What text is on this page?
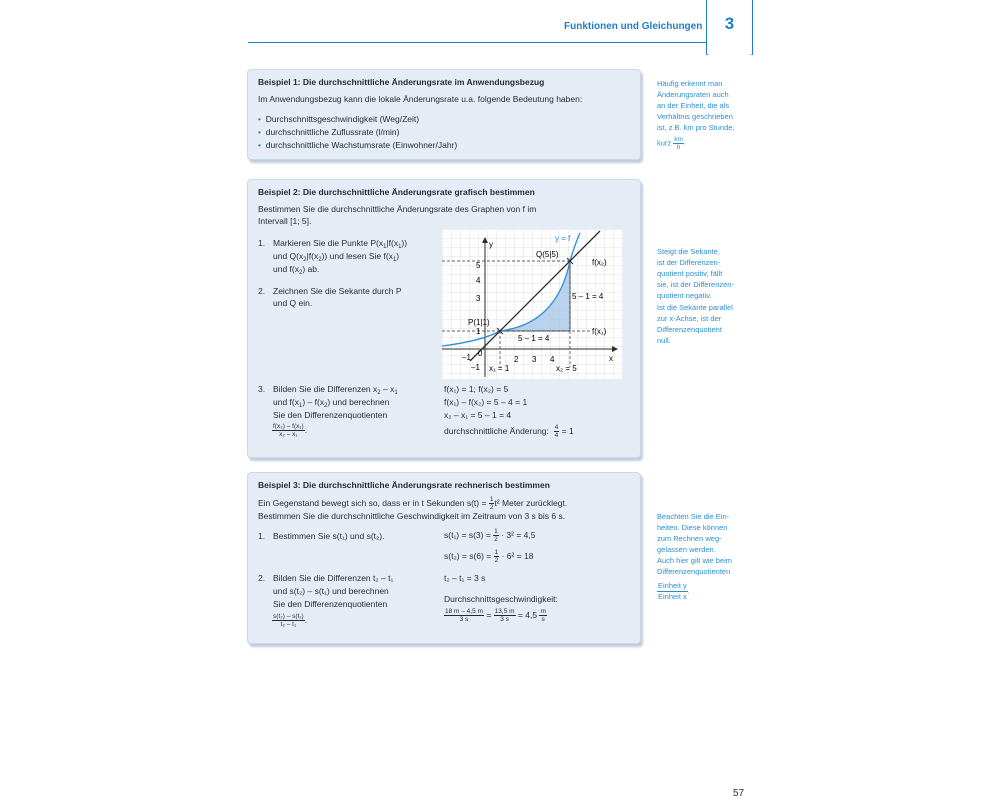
Funktionen und Gleichungen	3
Beispiel 1: Die durchschnittliche Änderungsrate im Anwendungsbezug
Im Anwendungsbezug kann die lokale Änderungsrate u.a. folgende Bedeutung haben:
• Durchschnittsgeschwindigkeit (Weg/Zeit)
• durchschnittliche Zuflussrate (l/min)
• durchschnittliche Wachstumsrate (Einwohner/Jahr)
Häufig erkennt man
Änderungsraten auch
an der Einheit, die als
Verhältnis geschrieben
ist, z.B. km pro Stunde,
kurz $\frac{km}{h}$ .
Beispiel 2: Die durchschnittliche Änderungsrate grafisch bestimmen
Bestimmen Sie die durchschnittliche Änderungsrate des Graphen von f im
Intervall [1; 5].
1. Markieren Sie die Punkte $P(x_1|f(x_1))$
und $Q(x_2|f(x_2))$ und lesen Sie $f(x_1)$
und $f(x_2)$ ab.
2. Zeichnen Sie die Sekante durch P
und Q ein.
y
x
y = f
Q(5|5)
f(x₂)
5 – 1 = 4
P(1|1)
f(x₁)
5 – 1 = 4
5
4
3
1
0
–1
–1
2 3 4
x₁ = 1	x₂ = 5
3. Bilden Sie die Differenzen $x_2 - x_1$
und $f(x_1) - f(x_2)$ und berechnen
Sie den Differenzenquotienten
$\frac{\text{f(x₂) – f(x₁)}}{\text{x₂ – x₁}}$ .
f(x₁) = 1; f(x₂) = 5
f(x₁) – f(x₂) = 5 – 4 = 1
x₂ – x₁ = 5 – 1 = 4
durchschnittliche Änderung: $\frac{4}{4} = 1$
Steigt die Sekante,
ist der Differenzen-
quotient positiv, fällt
sie, ist der Differenzen-
quotient negativ.
Ist die Sekante parallel
zur x-Achse, ist der
Differenzenquotient
null.
Beispiel 3: Die durchschnittliche Änderungsrate rechnerisch bestimmen
Ein Gegenstand bewegt sich so, dass er in t Sekunden $s(t) = \frac{1}{2} t^2$ Meter zurücklegt.
Bestimmen Sie die durchschnittliche Geschwindigkeit im Zeitraum von 3 s bis 6 s.
1. Bestimmen Sie s(t₁) und s(t₂).	$s(t_1) = s(3) = \frac{1}{2} \cdot 3^2 = 4,5$
$s(t_2) = s(6) = \frac{1}{2} \cdot 6^2 = 18$
2. Bilden Sie die Differenzen t₂ – t₁
und s(t₂) – s(t₁) und berechnen
Sie den Differenzenquotienten
$\frac{\text{s(t₂) – s(t₁)}}{\text{t₂ – t₁}}$ .
t₂ – t₁ = 3 s
Durchschnittsgeschwindigkeit:
$\frac{18 m - 4,5 m}{3 s} = \frac{13,5 m}{3 s} = 4,5 \frac{m}{s}$
Beachten Sie die Ein-
heiten. Diese können
zum Rechnen weg-
gelassen werden.
Auch hier gilt wie beim
Differenzenquotienten
$\frac{\text{Einheit y}}{\text{Einheit x}}$ .
57
